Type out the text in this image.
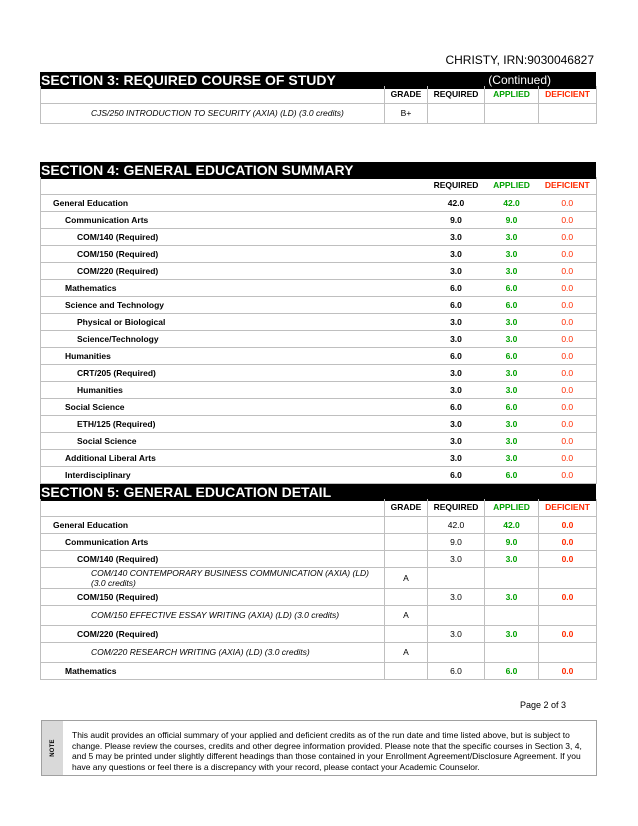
CHRISTY, IRN:9030046827
SECTION 3: REQUIRED COURSE OF STUDY	(Continued)
	GRADE	REQUIRED	APPLIED	DEFICIENT
CJS/250 INTRODUCTION TO SECURITY (AXIA) (LD) (3.0 credits)	B+			
SECTION 4: GENERAL EDUCATION SUMMARY
	REQUIRED	APPLIED	DEFICIENT
General Education	42.0	42.0	0.0
Communication Arts	9.0	9.0	0.0
COM/140 (Required)	3.0	3.0	0.0
COM/150 (Required)	3.0	3.0	0.0
COM/220 (Required)	3.0	3.0	0.0
Mathematics	6.0	6.0	0.0
Science and Technology	6.0	6.0	0.0
Physical or Biological	3.0	3.0	0.0
Science/Technology	3.0	3.0	0.0
Humanities	6.0	6.0	0.0
CRT/205 (Required)	3.0	3.0	0.0
Humanities	3.0	3.0	0.0
Social Science	6.0	6.0	0.0
ETH/125 (Required)	3.0	3.0	0.0
Social Science	3.0	3.0	0.0
Additional Liberal Arts	3.0	3.0	0.0
Interdisciplinary	6.0	6.0	0.0
SECTION 5: GENERAL EDUCATION DETAIL
	GRADE	REQUIRED	APPLIED	DEFICIENT
General Education		42.0	42.0	0.0
Communication Arts		9.0	9.0	0.0
COM/140 (Required)		3.0	3.0	0.0
COM/140 CONTEMPORARY BUSINESS COMMUNICATION (AXIA) (LD) (3.0 credits)	A			
COM/150 (Required)		3.0	3.0	0.0
COM/150 EFFECTIVE ESSAY WRITING (AXIA) (LD) (3.0 credits)	A			
COM/220 (Required)		3.0	3.0	0.0
COM/220 RESEARCH WRITING (AXIA) (LD) (3.0 credits)	A			
Mathematics		6.0	6.0	0.0
Page 2 of 3
NOTE
This audit provides an official summary of your applied and deficient credits as of the run date and time listed above, but is subject to change. Please review the courses, credits and other degree information provided. Please note that the specific courses in Section 3, 4, and 5 may be printed under slightly different headings than those contained in your Enrollment Agreement/Disclosure Agreement. If you have any questions or feel there is a discrepancy with your record, please contact your Academic Counselor.
